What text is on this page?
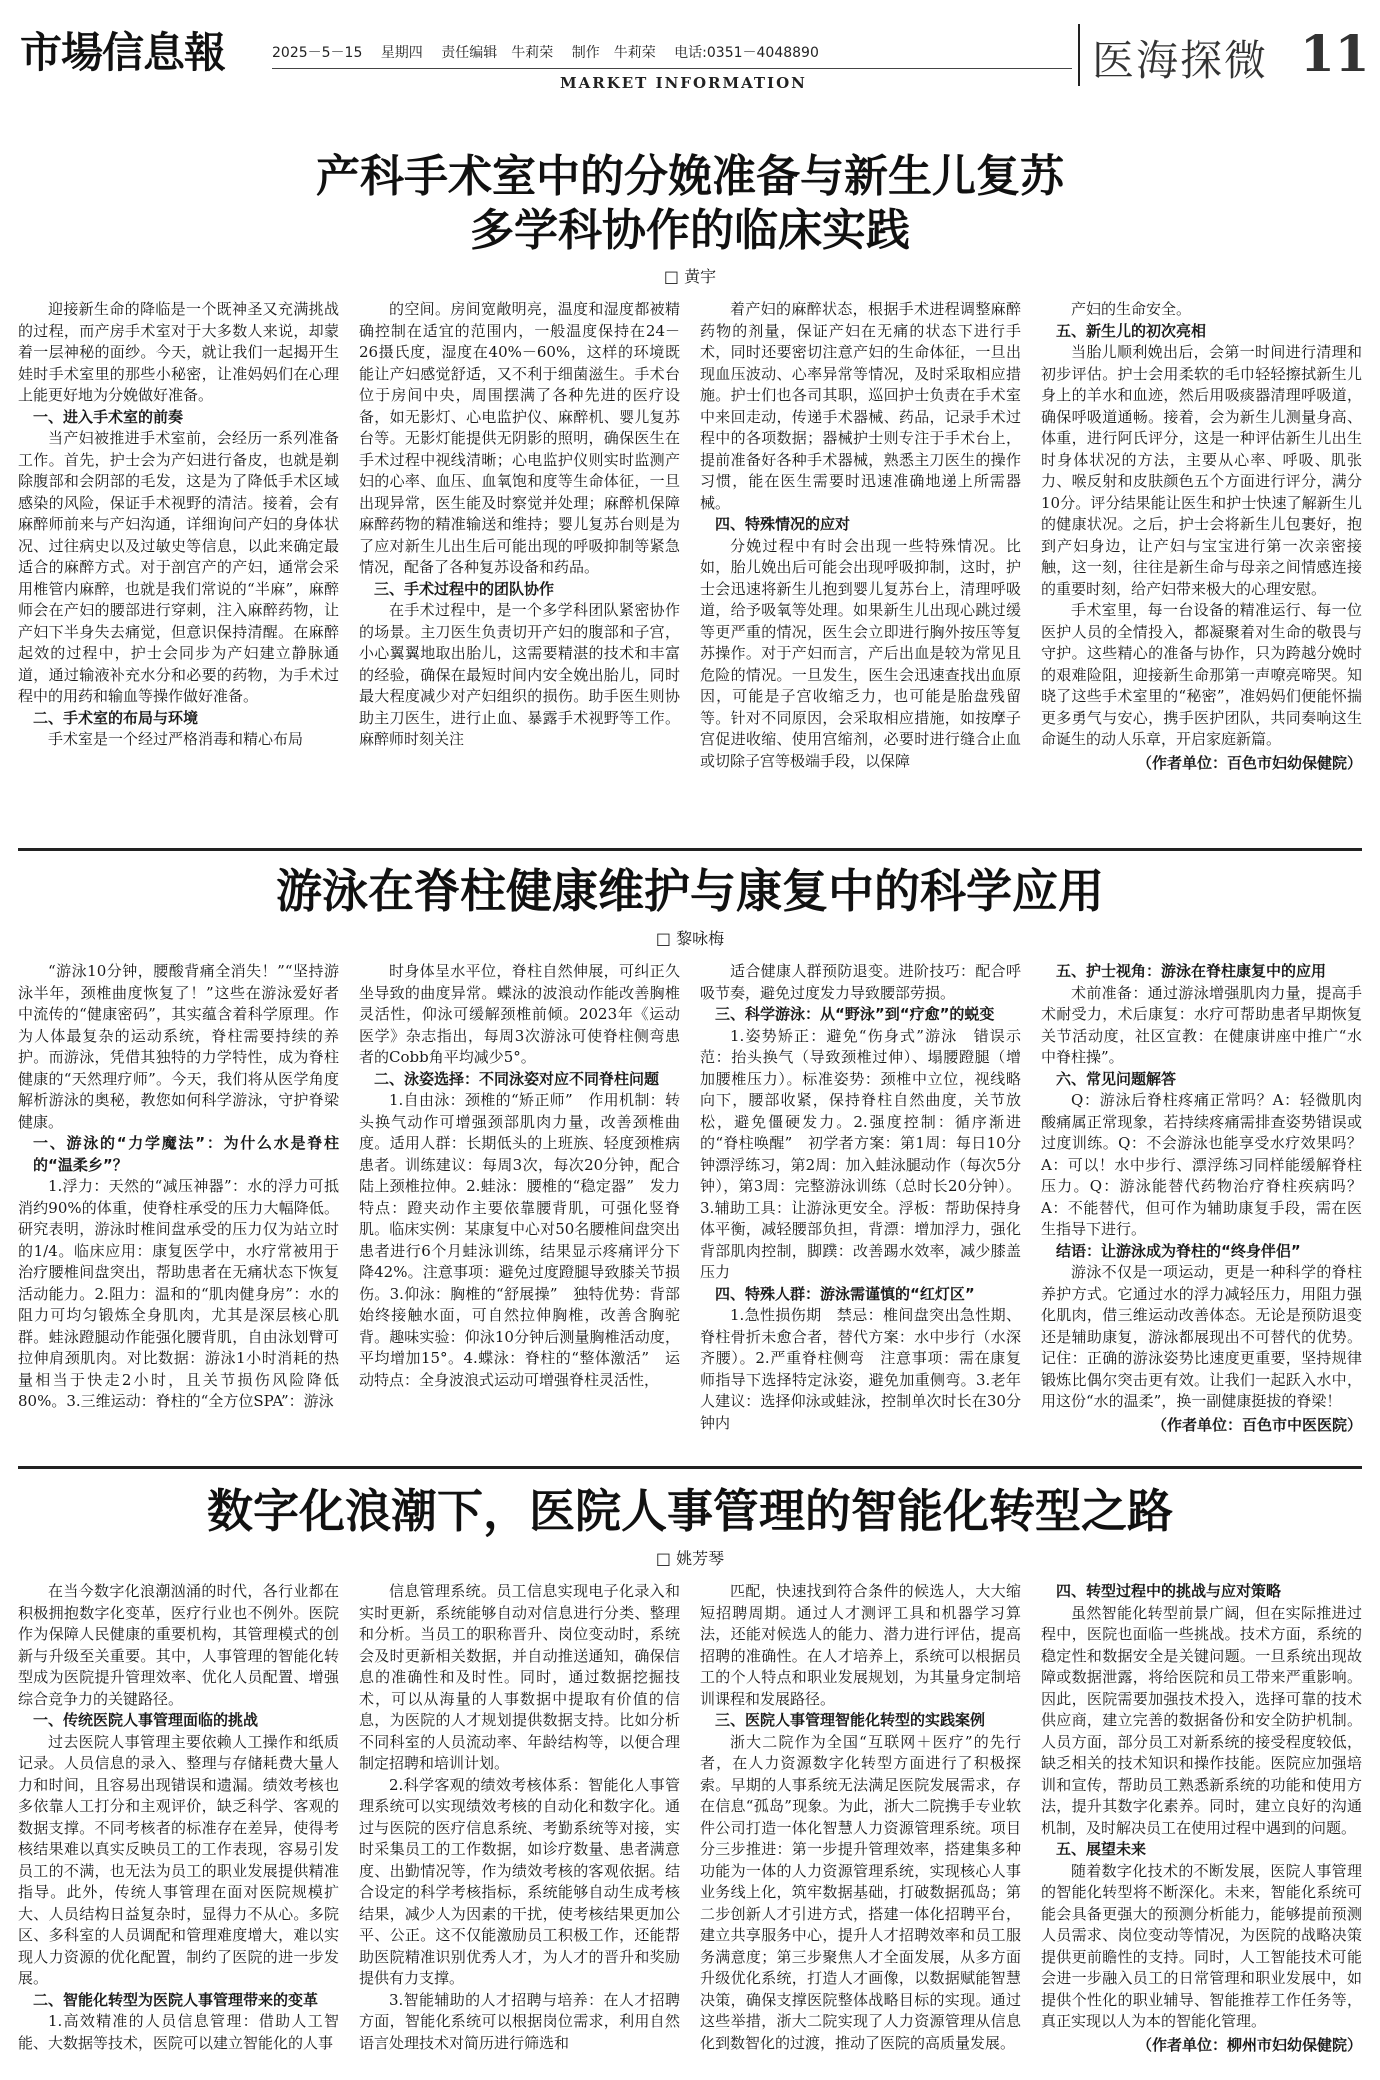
市場信息報	2025－5－15 星期四 责任编辑　牛莉荣 制作　牛莉荣 电话:0351－4048890
MARKET INFORMATION	医海探微 11
产科手术室中的分娩准备与新生儿复苏
多学科协作的临床实践
□ 黄宇

迎接新生命的降临是一个既神圣又充满挑战的过程，而产房手术室对于大多数人来说，却蒙着一层神秘的面纱。今天，就让我们一起揭开生娃时手术室里的那些小秘密，让准妈妈们在心理上能更好地为分娩做好准备。

一、进入手术室的前奏

当产妇被推进手术室前，会经历一系列准备工作。首先，护士会为产妇进行备皮，也就是剃除腹部和会阴部的毛发，这是为了降低手术区域感染的风险，保证手术视野的清洁。接着，会有麻醉师前来与产妇沟通，详细询问产妇的身体状况、过往病史以及过敏史等信息，以此来确定最适合的麻醉方式。对于剖宫产的产妇，通常会采用椎管内麻醉，也就是我们常说的“半麻”，麻醉师会在产妇的腰部进行穿刺，注入麻醉药物，让产妇下半身失去痛觉，但意识保持清醒。在麻醉起效的过程中，护士会同步为产妇建立静脉通道，通过输液补充水分和必要的药物，为手术过程中的用药和输血等操作做好准备。

二、手术室的布局与环境

手术室是一个经过严格消毒和精心布局

的空间。房间宽敞明亮，温度和湿度都被精确控制在适宜的范围内，一般温度保持在24－26摄氏度，湿度在40%－60%，这样的环境既能让产妇感觉舒适，又不利于细菌滋生。手术台位于房间中央，周围摆满了各种先进的医疗设备，如无影灯、心电监护仪、麻醉机、婴儿复苏台等。无影灯能提供无阴影的照明，确保医生在手术过程中视线清晰；心电监护仪则实时监测产妇的心率、血压、血氧饱和度等生命体征，一旦出现异常，医生能及时察觉并处理；麻醉机保障麻醉药物的精准输送和维持；婴儿复苏台则是为了应对新生儿出生后可能出现的呼吸抑制等紧急情况，配备了各种复苏设备和药品。

三、手术过程中的团队协作

在手术过程中，是一个多学科团队紧密协作的场景。主刀医生负责切开产妇的腹部和子宫，小心翼翼地取出胎儿，这需要精湛的技术和丰富的经验，确保在最短时间内安全娩出胎儿，同时最大程度减少对产妇组织的损伤。助手医生则协助主刀医生，进行止血、暴露手术视野等工作。麻醉师时刻关注

着产妇的麻醉状态，根据手术进程调整麻醉药物的剂量，保证产妇在无痛的状态下进行手术，同时还要密切注意产妇的生命体征，一旦出现血压波动、心率异常等情况，及时采取相应措施。护士们也各司其职，巡回护士负责在手术室中来回走动，传递手术器械、药品，记录手术过程中的各项数据；器械护士则专注于手术台上，提前准备好各种手术器械，熟悉主刀医生的操作习惯，能在医生需要时迅速准确地递上所需器械。

四、特殊情况的应对

分娩过程中有时会出现一些特殊情况。比如，胎儿娩出后可能会出现呼吸抑制，这时，护士会迅速将新生儿抱到婴儿复苏台上，清理呼吸道，给予吸氧等处理。如果新生儿出现心跳过缓等更严重的情况，医生会立即进行胸外按压等复苏操作。对于产妇而言，产后出血是较为常见且危险的情况。一旦发生，医生会迅速查找出血原因，可能是子宫收缩乏力，也可能是胎盘残留等。针对不同原因，会采取相应措施，如按摩子宫促进收缩、使用宫缩剂，必要时进行缝合止血或切除子宫等极端手段，以保障

产妇的生命安全。

五、新生儿的初次亮相

当胎儿顺利娩出后，会第一时间进行清理和初步评估。护士会用柔软的毛巾轻轻擦拭新生儿身上的羊水和血迹，然后用吸痰器清理呼吸道，确保呼吸道通畅。接着，会为新生儿测量身高、体重，进行阿氏评分，这是一种评估新生儿出生时身体状况的方法，主要从心率、呼吸、肌张力、喉反射和皮肤颜色五个方面进行评分，满分10分。评分结果能让医生和护士快速了解新生儿的健康状况。之后，护士会将新生儿包裹好，抱到产妇身边，让产妇与宝宝进行第一次亲密接触，这一刻，往往是新生命与母亲之间情感连接的重要时刻，给产妇带来极大的心理安慰。

手术室里，每一台设备的精准运行、每一位医护人员的全情投入，都凝聚着对生命的敬畏与守护。这些精心的准备与协作，只为跨越分娩时的艰难险阻，迎接新生命那第一声嘹亮啼哭。知晓了这些手术室里的“秘密”，准妈妈们便能怀揣更多勇气与安心，携手医护团队，共同奏响这生命诞生的动人乐章，开启家庭新篇。

（作者单位：百色市妇幼保健院）
游泳在脊柱健康维护与康复中的科学应用
□ 黎咏梅

“游泳10分钟，腰酸背痛全消失！”“坚持游泳半年，颈椎曲度恢复了！”这些在游泳爱好者中流传的“健康密码”，其实蕴含着科学原理。作为人体最复杂的运动系统，脊柱需要持续的养护。而游泳，凭借其独特的力学特性，成为脊柱健康的“天然理疗师”。今天，我们将从医学角度解析游泳的奥秘，教您如何科学游泳，守护脊梁健康。

一、游泳的“力学魔法”：为什么水是脊柱的“温柔乡”？

1.浮力：天然的“减压神器”：水的浮力可抵消约90%的体重，使脊柱承受的压力大幅降低。研究表明，游泳时椎间盘承受的压力仅为站立时的1/4。临床应用：康复医学中，水疗常被用于治疗腰椎间盘突出，帮助患者在无痛状态下恢复活动能力。2.阻力：温和的“肌肉健身房”：水的阻力可均匀锻炼全身肌肉，尤其是深层核心肌群。蛙泳蹬腿动作能强化腰背肌，自由泳划臂可拉伸肩颈肌肉。对比数据：游泳1小时消耗的热量相当于快走2小时，且关节损伤风险降低80%。3.三维运动：脊柱的“全方位SPA”：游泳

时身体呈水平位，脊柱自然伸展，可纠正久坐导致的曲度异常。蝶泳的波浪动作能改善胸椎灵活性，仰泳可缓解颈椎前倾。2023年《运动医学》杂志指出，每周3次游泳可使脊柱侧弯患者的Cobb角平均减少5°。

二、泳姿选择：不同泳姿对应不同脊柱问题

1.自由泳：颈椎的“矫正师”　作用机制：转头换气动作可增强颈部肌肉力量，改善颈椎曲度。适用人群：长期低头的上班族、轻度颈椎病患者。训练建议：每周3次，每次20分钟，配合陆上颈椎拉伸。2.蛙泳：腰椎的“稳定器”　发力特点：蹬夹动作主要依靠腰背肌，可强化竖脊肌。临床实例：某康复中心对50名腰椎间盘突出患者进行6个月蛙泳训练，结果显示疼痛评分下降42%。注意事项：避免过度蹬腿导致膝关节损伤。3.仰泳：胸椎的“舒展操”　独特优势：背部始终接触水面，可自然拉伸胸椎，改善含胸驼背。趣味实验：仰泳10分钟后测量胸椎活动度，平均增加15°。4.蝶泳：脊柱的“整体激活”　运动特点：全身波浪式运动可增强脊柱灵活性，

适合健康人群预防退变。进阶技巧：配合呼吸节奏，避免过度发力导致腰部劳损。

三、科学游泳：从“野泳”到“疗愈”的蜕变

1.姿势矫正：避免“伤身式”游泳　错误示范：抬头换气（导致颈椎过伸）、塌腰蹬腿（增加腰椎压力）。标准姿势：颈椎中立位，视线略向下，腰部收紧，保持脊柱自然曲度，关节放松，避免僵硬发力。2.强度控制：循序渐进的“脊柱唤醒”　初学者方案：第1周：每日10分钟漂浮练习，第2周：加入蛙泳腿动作（每次5分钟），第3周：完整游泳训练（总时长20分钟）。3.辅助工具：让游泳更安全。浮板：帮助保持身体平衡，减轻腰部负担，背漂：增加浮力，强化背部肌肉控制，脚蹼：改善踢水效率，减少膝盖压力

四、特殊人群：游泳需谨慎的“红灯区”

1.急性损伤期　禁忌：椎间盘突出急性期、脊柱骨折未愈合者，替代方案：水中步行（水深齐腰）。2.严重脊柱侧弯　注意事项：需在康复师指导下选择特定泳姿，避免加重侧弯。3.老年人建议：选择仰泳或蛙泳，控制单次时长在30分钟内

五、护士视角：游泳在脊柱康复中的应用

术前准备：通过游泳增强肌肉力量，提高手术耐受力，术后康复：水疗可帮助患者早期恢复关节活动度，社区宣教：在健康讲座中推广“水中脊柱操”。

六、常见问题解答

Q：游泳后脊柱疼痛正常吗？A：轻微肌肉酸痛属正常现象，若持续疼痛需排查姿势错误或过度训练。Q：不会游泳也能享受水疗效果吗？A：可以！水中步行、漂浮练习同样能缓解脊柱压力。Q：游泳能替代药物治疗脊柱疾病吗？A：不能替代，但可作为辅助康复手段，需在医生指导下进行。

结语：让游泳成为脊柱的“终身伴侣”

游泳不仅是一项运动，更是一种科学的脊柱养护方式。它通过水的浮力减轻压力，用阻力强化肌肉，借三维运动改善体态。无论是预防退变还是辅助康复，游泳都展现出不可替代的优势。记住：正确的游泳姿势比速度更重要，坚持规律锻炼比偶尔突击更有效。让我们一起跃入水中，用这份“水的温柔”，换一副健康挺拔的脊梁！

（作者单位：百色市中医医院）
数字化浪潮下，医院人事管理的智能化转型之路
□ 姚芳琴

在当今数字化浪潮汹涌的时代，各行业都在积极拥抱数字化变革，医疗行业也不例外。医院作为保障人民健康的重要机构，其管理模式的创新与升级至关重要。其中，人事管理的智能化转型成为医院提升管理效率、优化人员配置、增强综合竞争力的关键路径。

一、传统医院人事管理面临的挑战

过去医院人事管理主要依赖人工操作和纸质记录。人员信息的录入、整理与存储耗费大量人力和时间，且容易出现错误和遗漏。绩效考核也多依靠人工打分和主观评价，缺乏科学、客观的数据支撑。不同考核者的标准存在差异，使得考核结果难以真实反映员工的工作表现，容易引发员工的不满，也无法为员工的职业发展提供精准指导。此外，传统人事管理在面对医院规模扩大、人员结构日益复杂时，显得力不从心。多院区、多科室的人员调配和管理难度增大，难以实现人力资源的优化配置，制约了医院的进一步发展。

二、智能化转型为医院人事管理带来的变革

1.高效精准的人员信息管理：借助人工智能、大数据等技术，医院可以建立智能化的人事

信息管理系统。员工信息实现电子化录入和实时更新，系统能够自动对信息进行分类、整理和分析。当员工的职称晋升、岗位变动时，系统会及时更新相关数据，并自动推送通知，确保信息的准确性和及时性。同时，通过数据挖掘技术，可以从海量的人事数据中提取有价值的信息，为医院的人才规划提供数据支持。比如分析不同科室的人员流动率、年龄结构等，以便合理制定招聘和培训计划。

2.科学客观的绩效考核体系：智能化人事管理系统可以实现绩效考核的自动化和数字化。通过与医院的医疗信息系统、考勤系统等对接，实时采集员工的工作数据，如诊疗数量、患者满意度、出勤情况等，作为绩效考核的客观依据。结合设定的科学考核指标，系统能够自动生成考核结果，减少人为因素的干扰，使考核结果更加公平、公正。这不仅能激励员工积极工作，还能帮助医院精准识别优秀人才，为人才的晋升和奖励提供有力支撑。

3.智能辅助的人才招聘与培养：在人才招聘方面，智能化系统可以根据岗位需求，利用自然语言处理技术对简历进行筛选和

匹配，快速找到符合条件的候选人，大大缩短招聘周期。通过人才测评工具和机器学习算法，还能对候选人的能力、潜力进行评估，提高招聘的准确性。在人才培养上，系统可以根据员工的个人特点和职业发展规划，为其量身定制培训课程和发展路径。

三、医院人事管理智能化转型的实践案例

浙大二院作为全国“互联网＋医疗”的先行者，在人力资源数字化转型方面进行了积极探索。早期的人事系统无法满足医院发展需求，存在信息“孤岛”现象。为此，浙大二院携手专业软件公司打造一体化智慧人力资源管理系统。项目分三步推进：第一步提升管理效率，搭建集多种功能为一体的人力资源管理系统，实现核心人事业务线上化，筑牢数据基础，打破数据孤岛；第二步创新人才引进方式，搭建一体化招聘平台，建立共享服务中心，提升人才招聘效率和员工服务满意度；第三步聚焦人才全面发展，从多方面升级优化系统，打造人才画像，以数据赋能智慧决策，确保支撑医院整体战略目标的实现。通过这些举措，浙大二院实现了人力资源管理从信息化到数智化的过渡，推动了医院的高质量发展。

四、转型过程中的挑战与应对策略

虽然智能化转型前景广阔，但在实际推进过程中，医院也面临一些挑战。技术方面，系统的稳定性和数据安全是关键问题。一旦系统出现故障或数据泄露，将给医院和员工带来严重影响。因此，医院需要加强技术投入，选择可靠的技术供应商，建立完善的数据备份和安全防护机制。人员方面，部分员工对新系统的接受程度较低，缺乏相关的技术知识和操作技能。医院应加强培训和宣传，帮助员工熟悉新系统的功能和使用方法，提升其数字化素养。同时，建立良好的沟通机制，及时解决员工在使用过程中遇到的问题。

五、展望未来

随着数字化技术的不断发展，医院人事管理的智能化转型将不断深化。未来，智能化系统可能会具备更强大的预测分析能力，能够提前预测人员需求、岗位变动等情况，为医院的战略决策提供更前瞻性的支持。同时，人工智能技术可能会进一步融入员工的日常管理和职业发展中，如提供个性化的职业辅导、智能推荐工作任务等，真正实现以人为本的智能化管理。

（作者单位：柳州市妇幼保健院）
